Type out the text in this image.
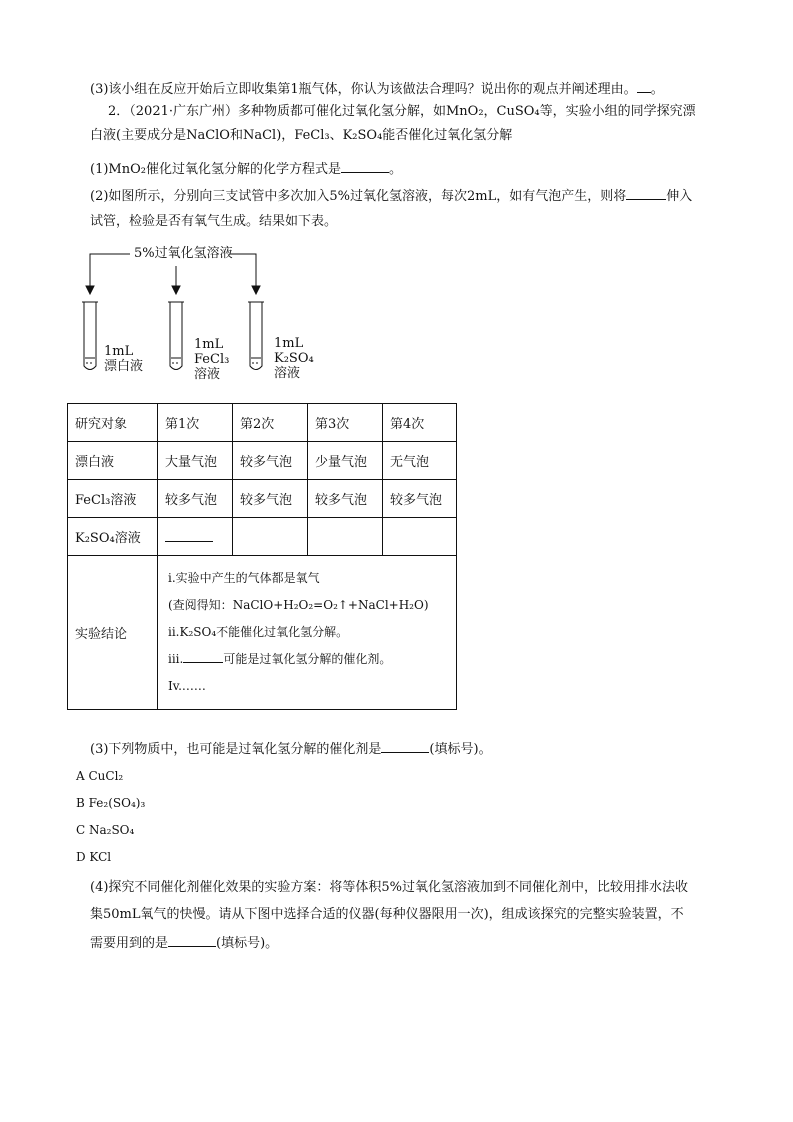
(3)该小组在反应开始后立即收集第1瓶气体，你认为该做法合理吗？说出你的观点并阐述理由。 。
2．（2021·广东广州）多种物质都可催化过氧化氢分解，如MnO₂，CuSO₄等，实验小组的同学探究漂
白液(主要成分是NaClO和NaCl)，FeCl₃、K₂SO₄能否催化过氧化氢分解
(1)MnO₂催化过氧化氢分解的化学方程式是	。
(2)如图所示，分别向三支试管中多次加入5%过氧化氢溶液，每次2mL，如有气泡产生，则将	伸入
试管，检验是否有氧气生成。结果如下表。
5%过氧化氢溶液
1mL
漂白液
1mL
FeCl₃
溶液
1mL
K₂SO₄
溶液
研究对象	第1次	第2次	第3次	第4次
漂白液	大量气泡	较多气泡	少量气泡	无气泡
FeCl₃溶液	较多气泡	较多气泡	较多气泡	较多气泡
K₂SO₄溶液				
实验结论	i.实验中产生的气体都是氧气
(查阅得知：NaClO+H₂O₂=O₂↑+NaCl+H₂O)
ii.K₂SO₄不能催化过氧化氢分解。
iii. 可能是过氧化氢分解的催化剂。
Iv.……			
(3)下列物质中，也可能是过氧化氢分解的催化剂是	(填标号)。
A CuCl₂
B Fe₂(SO₄)₃
C Na₂SO₄
D KCl
(4)探究不同催化剂催化效果的实验方案：将等体积5%过氧化氢溶液加到不同催化剂中，比较用排水法收
集50mL氧气的快慢。请从下图中选择合适的仪器(每种仪器限用一次)，组成该探究的完整实验装置，不
需要用到的是	(填标号)。
